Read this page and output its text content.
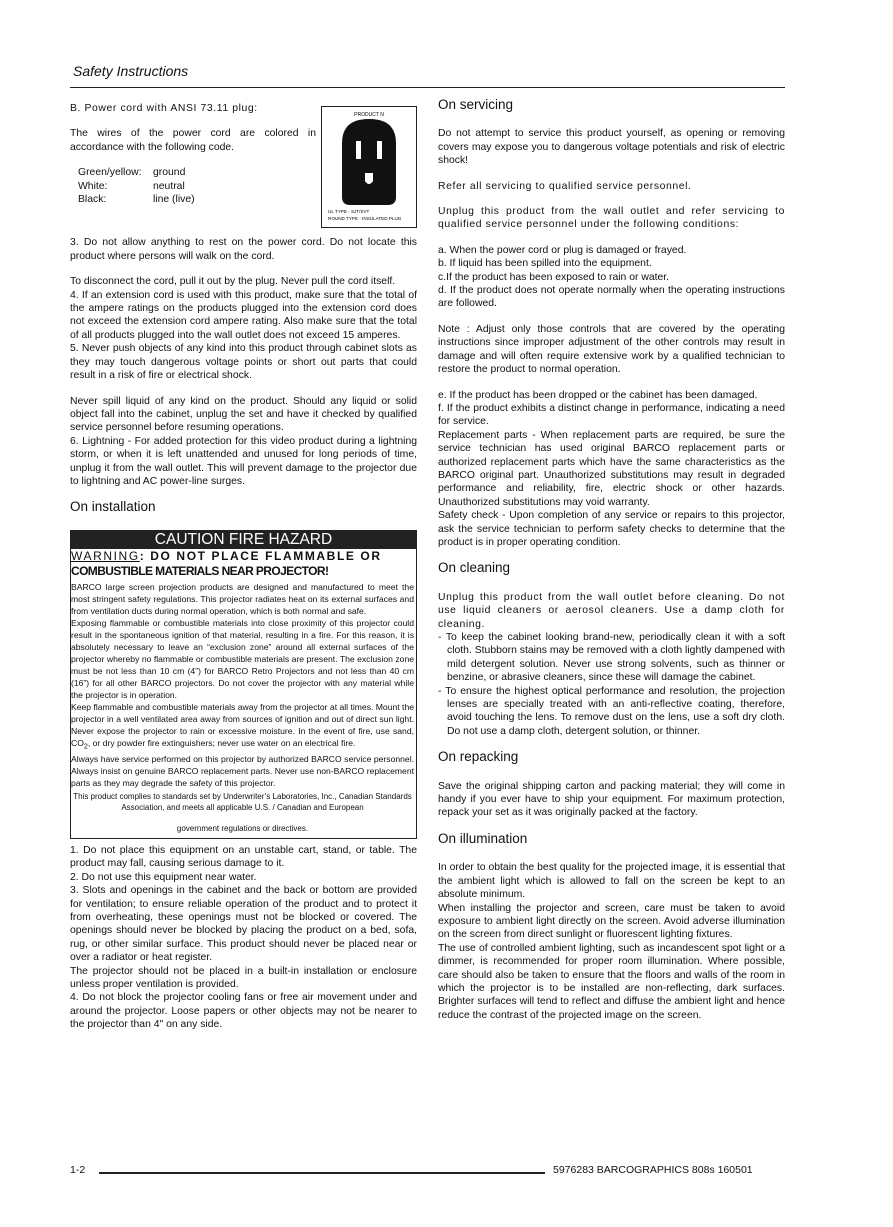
Safety Instructions

B. Power cord with ANSI 73.11 plug:

The wires of the power cord are colored in accordance with the following code.

Green/yellow:	ground
White:	neutral
Black:	line (live)
PRODUCT N
UL TYPE - SJT/SVT
ROUND TYPE - INSULATED PLUG

3. Do not allow anything to rest on the power cord. Do not locate this product where persons will walk on the cord.

To disconnect the cord, pull it out by the plug. Never pull the cord itself.

4. If an extension cord is used with this product, make sure that the total of the ampere ratings on the products plugged into the extension cord does not exceed the extension cord ampere rating. Also make sure that the total of all products plugged into the wall outlet does not exceed 15 amperes.

5. Never push objects of any kind into this product through cabinet slots as they may touch dangerous voltage points or short out parts that could result in a risk of fire or electrical shock.

Never spill liquid of any kind on the product. Should any liquid or solid object fall into the cabinet, unplug the set and have it checked by qualified service personnel before resuming operations.

6. Lightning - For added protection for this video product during a lightning storm, or when it is left unattended and unused for long periods of time, unplug it from the wall outlet. This will prevent damage to the projector due to lightning and AC power-line surges.

On installation
CAUTION FIRE HAZARD
WARNING: DO NOT PLACE FLAMMABLE OR
COMBUSTIBLE MATERIALS NEAR PROJECTOR!

BARCO large screen projection products are designed and manufactured to meet the most stringent safety regulations. This projector radiates heat on its external surfaces and from ventilation ducts during normal operation, which is both normal and safe.

Exposing flammable or combustible materials into close proximity of this projector could result in the spontaneous ignition of that material, resulting in a fire. For this reason, it is absolutely necessary to leave an “exclusion zone” around all external surfaces of the projector whereby no flammable or combustible materials are present. The exclusion zone must be not less than 10 cm (4”) for BARCO Retro Projectors and not less than 40 cm (16”) for all other BARCO projectors. Do not cover the projector with any material while the projector is in operation.

Keep flammable and combustible materials away from the projector at all times. Mount the projector in a well ventilated area away from sources of ignition and out of direct sun light. Never expose the projector to rain or excessive moisture. In the event of fire, use sand, $CO_2$, or dry powder fire extinguishers; never use water on an electrical fire.

Always have service performed on this projector by authorized BARCO service personnel. Always insist on genuine BARCO replacement parts. Never use non-BARCO replacement parts as they may degrade the safety of this projector.

This product complies to standards set by Underwriter’s Laboratories, Inc., Canadian Standards Association, and meets all applicable U.S. / Canadian and European
government regulations or directives.

1. Do not place this equipment on an unstable cart, stand, or table. The product may fall, causing serious damage to it.

2. Do not use this equipment near water.

3. Slots and openings in the cabinet and the back or bottom are provided for ventilation; to ensure reliable operation of the product and to protect it from overheating, these openings must not be blocked or covered. The openings should never be blocked by placing the product on a bed, sofa, rug, or other similar surface. This product should never be placed near or over a radiator or heat register.

The projector should not be placed in a built-in installation or enclosure unless proper ventilation is provided.

4. Do not block the projector cooling fans or free air movement under and around the projector. Loose papers or other objects may not be nearer to the projector than 4" on any side.

On servicing

Do not attempt to service this product yourself, as opening or removing covers may expose you to dangerous voltage potentials and risk of electric shock!

Refer all servicing to qualified service personnel.

Unplug this product from the wall outlet and refer servicing to qualified service personnel under the following conditions:

a. When the power cord or plug is damaged or frayed.

b. If liquid has been spilled into the equipment.

c.If the product has been exposed to rain or water.

d. If the product does not operate normally when the operating instructions are followed.

Note : Adjust only those controls that are covered by the operating instructions since improper adjustment of the other controls may result in damage and will often require extensive work by a qualified technician to restore the product to normal operation.

e. If the product has been dropped or the cabinet has been damaged.

f. If the product exhibits a distinct change in performance, indicating a need for service.

Replacement parts - When replacement parts are required, be sure the service technician has used original BARCO replacement parts or authorized replacement parts which have the same characteristics as the BARCO original part. Unauthorized substitutions may result in degraded performance and reliability, fire, electric shock or other hazards. Unauthorized substitutions may void warranty.

Safety check - Upon completion of any service or repairs to this projector, ask the service technician to perform safety checks to determine that the product is in proper operating condition.

On cleaning

Unplug this product from the wall outlet before cleaning. Do not use liquid cleaners or aerosol cleaners. Use a damp cloth for cleaning.

- To keep the cabinet looking brand-new, periodically clean it with a soft cloth. Stubborn stains may be removed with a cloth lightly dampened with mild detergent solution. Never use strong solvents, such as thinner or benzine, or abrasive cleaners, since these will damage the cabinet.

- To ensure the highest optical performance and resolution, the projection lenses are specially treated with an anti-reflective coating, therefore, avoid touching the lens. To remove dust on the lens, use a soft dry cloth. Do not use a damp cloth, detergent solution, or thinner.

On repacking

Save the original shipping carton and packing material; they will come in handy if you ever have to ship your equipment. For maximum protection, repack your set as it was originally packed at the factory.

On illumination

In order to obtain the best quality for the projected image, it is essential that the ambient light which is allowed to fall on the screen be kept to an absolute minimum.

When installing the projector and screen, care must be taken to avoid exposure to ambient light directly on the screen. Avoid adverse illumination on the screen from direct sunlight or fluorescent lighting fixtures.

The use of controlled ambient lighting, such as incandescent spot light or a dimmer, is recommended for proper room illumination. Where possible, care should also be taken to ensure that the floors and walls of the room in which the projector is to be installed are non-reflecting, dark surfaces. Brighter surfaces will tend to reflect and diffuse the ambient light and hence reduce the contrast of the projected image on the screen.

1-2	5976283 BARCOGRAPHICS 808s 160501
